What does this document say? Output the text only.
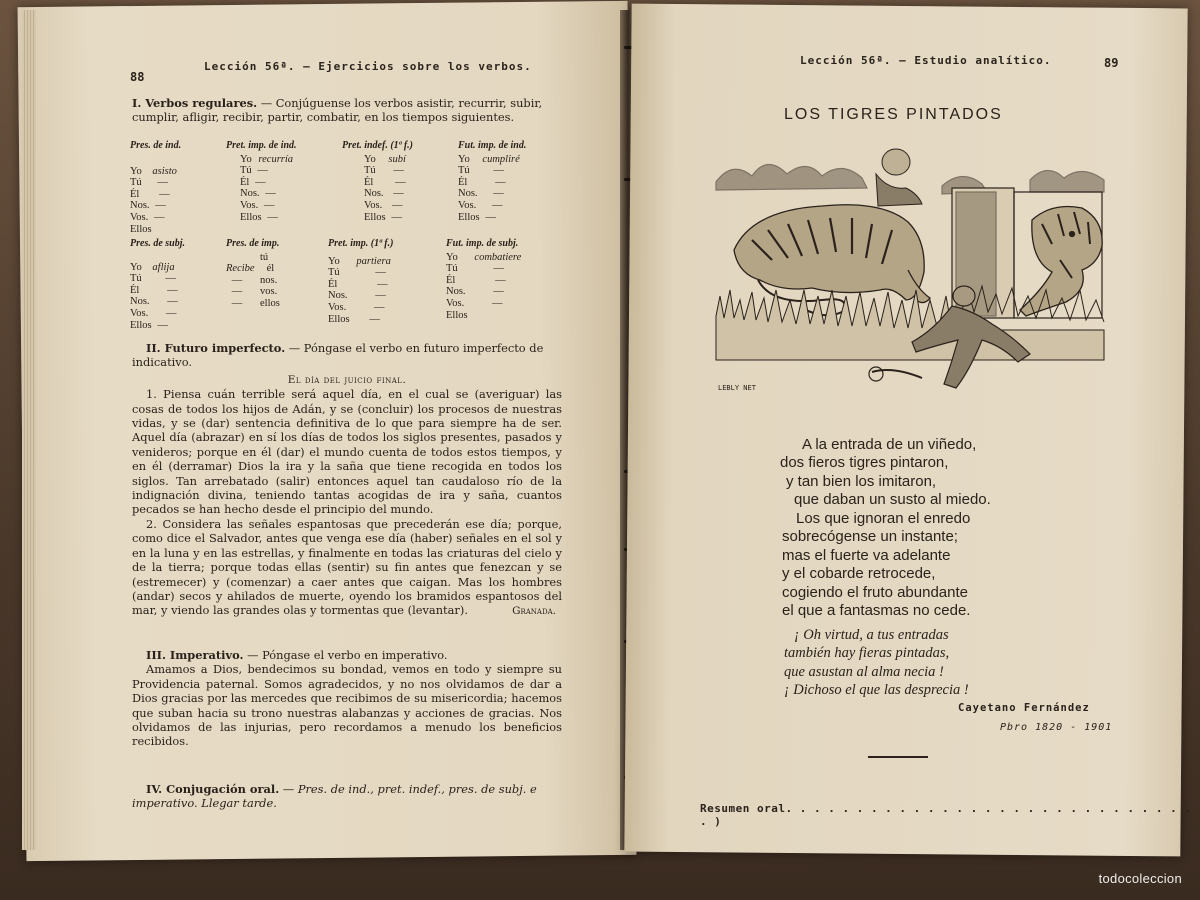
88
Lección 56ª. — Ejercicios sobre los verbos.

I. Verbos regulares. — Conjúguense los verbos asistir, recurrir, subir, cumplir, afligir, recibir, partir, combatir, en los tiempos siguientes.

Pres. de ind.
Yo asisto
Tú —
Él —
Nos. —
Vos. —
Ellos
Pret. imp. de ind.
Yo recurría
Tú —
Él —
Nos. —
Vos. —
Ellos —
Pret. indef. (1ª f.)
Yo subí
Tú —
Él —
Nos. —
Vos. —
Ellos —
Fut. imp. de ind.
Yo cumpliré
Tú —
Él	—
Nos. —
Vos. —
Ellos —
Pres. de subj.
Yo aflija
Tú —
Él	—
Nos. —
Vos. —
Ellos —
Pres. de imp.
tú
Recibe él
— nos.
— vos.
— ellos
Pret. imp. (1ª f.)
Yo partiera
Tú	—
Él	—
Nos.	—
Vos.	—
Ellos —
Fut. imp. de subj.
Yo combatiere
Tú	—
Él	—
Nos.	—
Vos.	—
Ellos

II. Futuro imperfecto. — Póngase el verbo en futuro imperfecto de indicativo.

El día del juicio final.

1. Piensa cuán terrible será aquel día, en el cual se (averiguar) las cosas de todos los hijos de Adán, y se (concluir) los procesos de nuestras vidas, y se (dar) sentencia definitiva de lo que para siempre ha de ser. Aquel día (abrazar) en sí los días de todos los siglos presentes, pasados y venideros; porque en él (dar) el mundo cuenta de todos estos tiempos, y en él (derramar) Dios la ira y la saña que tiene recogida en todos los siglos. Tan arrebatado (salir) entonces aquel tan caudaloso río de la indignación divina, teniendo tantas acogidas de ira y saña, cuantos pecados se han hecho desde el principio del mundo.

2. Considera las señales espantosas que precederán ese día; porque, como dice el Salvador, antes que venga ese día (haber) señales en el sol y en la luna y en las estrellas, y finalmente en todas las criaturas del cielo y de la tierra; porque todas ellas (sentir) su fin antes que fenezcan y se (estremecer) y (comenzar) a caer antes que caigan. Mas los hombres (andar) secos y ahilados de muerte, oyendo los bramidos espantosos del mar, y viendo las grandes olas y tormentas que (levantar).	Granada.

III. Imperativo. — Póngase el verbo en imperativo.

Amamos a Dios, bendecimos su bondad, vemos en todo y siempre su Providencia paternal. Somos agradecidos, y no nos olvidamos de dar a Dios gracias por las mercedes que recibimos de su misericordia; hacemos que suban hacia su trono nuestras alabanzas y acciones de gracias. Nos olvidamos de las injurias, pero recordamos a menudo los beneficios recibidos.

IV. Conjugación oral. — Pres. de ind., pret. indef., pres. de subj. e imperativo. Llegar tarde.

Lección 56ª. — Estudio analítico.	89
LOS TIGRES PINTADOS
LEBLY NET
A la entrada de un viñedo,
dos fieros tigres pintaron,
y tan bien los imitaron,
que daban un susto al miedo.
Los que ignoran el enredo
sobrecógense un instante;
mas el fuerte va adelante
y el cobarde retrocede,
cogiendo el fruto abundante
el que a fantasmas no cede.
¡ Oh virtud, a tus entradas
también hay fieras pintadas,
que asustan al alma necia !
¡ Dichoso el que las desprecia !
Cayetano Fernández
Pbro 1820 - 1901
Resumen oral. . . . . . . . . . . . . . . . . . . . . . . . . . . . . . )
todocoleccion
